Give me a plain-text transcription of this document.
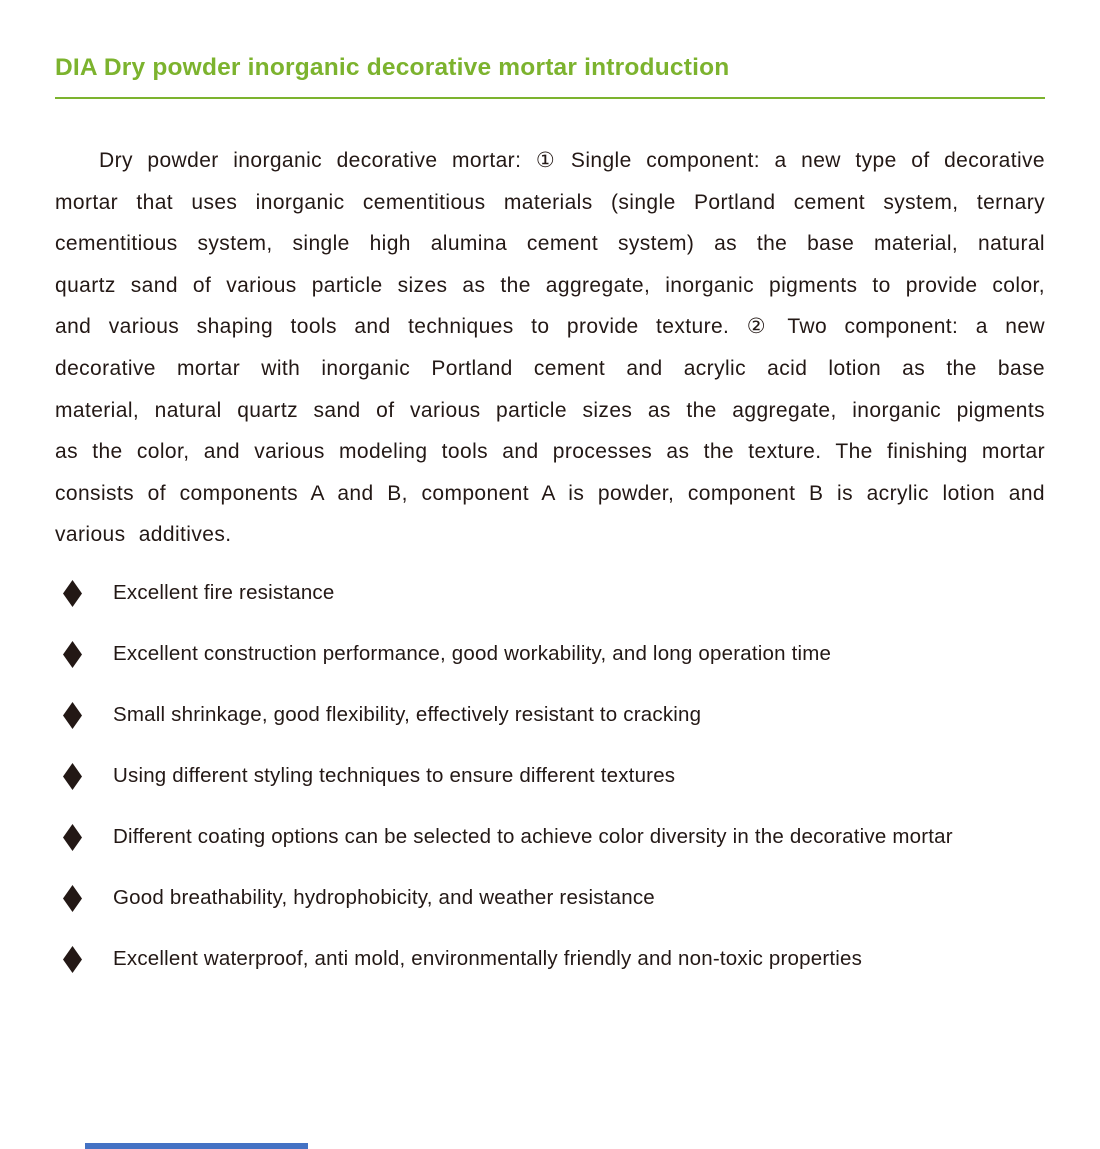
DIA Dry powder inorganic decorative mortar introduction

Dry powder inorganic decorative mortar: ① Single component: a new type of decorative mortar that uses inorganic cementitious materials (single Portland cement system, ternary cementitious system, single high alumina cement system) as the base material, natural quartz sand of various particle sizes as the aggregate, inorganic pigments to provide color, and various shaping tools and techniques to provide texture. ② Two component: a new decorative mortar with inorganic Portland cement and acrylic acid lotion as the base material, natural quartz sand of various particle sizes as the aggregate, inorganic pigments as the color, and various modeling tools and processes as the texture. The finishing mortar consists of components A and B, component A is powder, component B is acrylic lotion and various additives.

Excellent fire resistance
Excellent construction performance, good workability, and long operation time
Small shrinkage, good flexibility, effectively resistant to cracking
Using different styling techniques to ensure different textures
Different coating options can be selected to achieve color diversity in the decorative mortar
Good breathability, hydrophobicity, and weather resistance
Excellent waterproof, anti mold, environmentally friendly and non-toxic properties
